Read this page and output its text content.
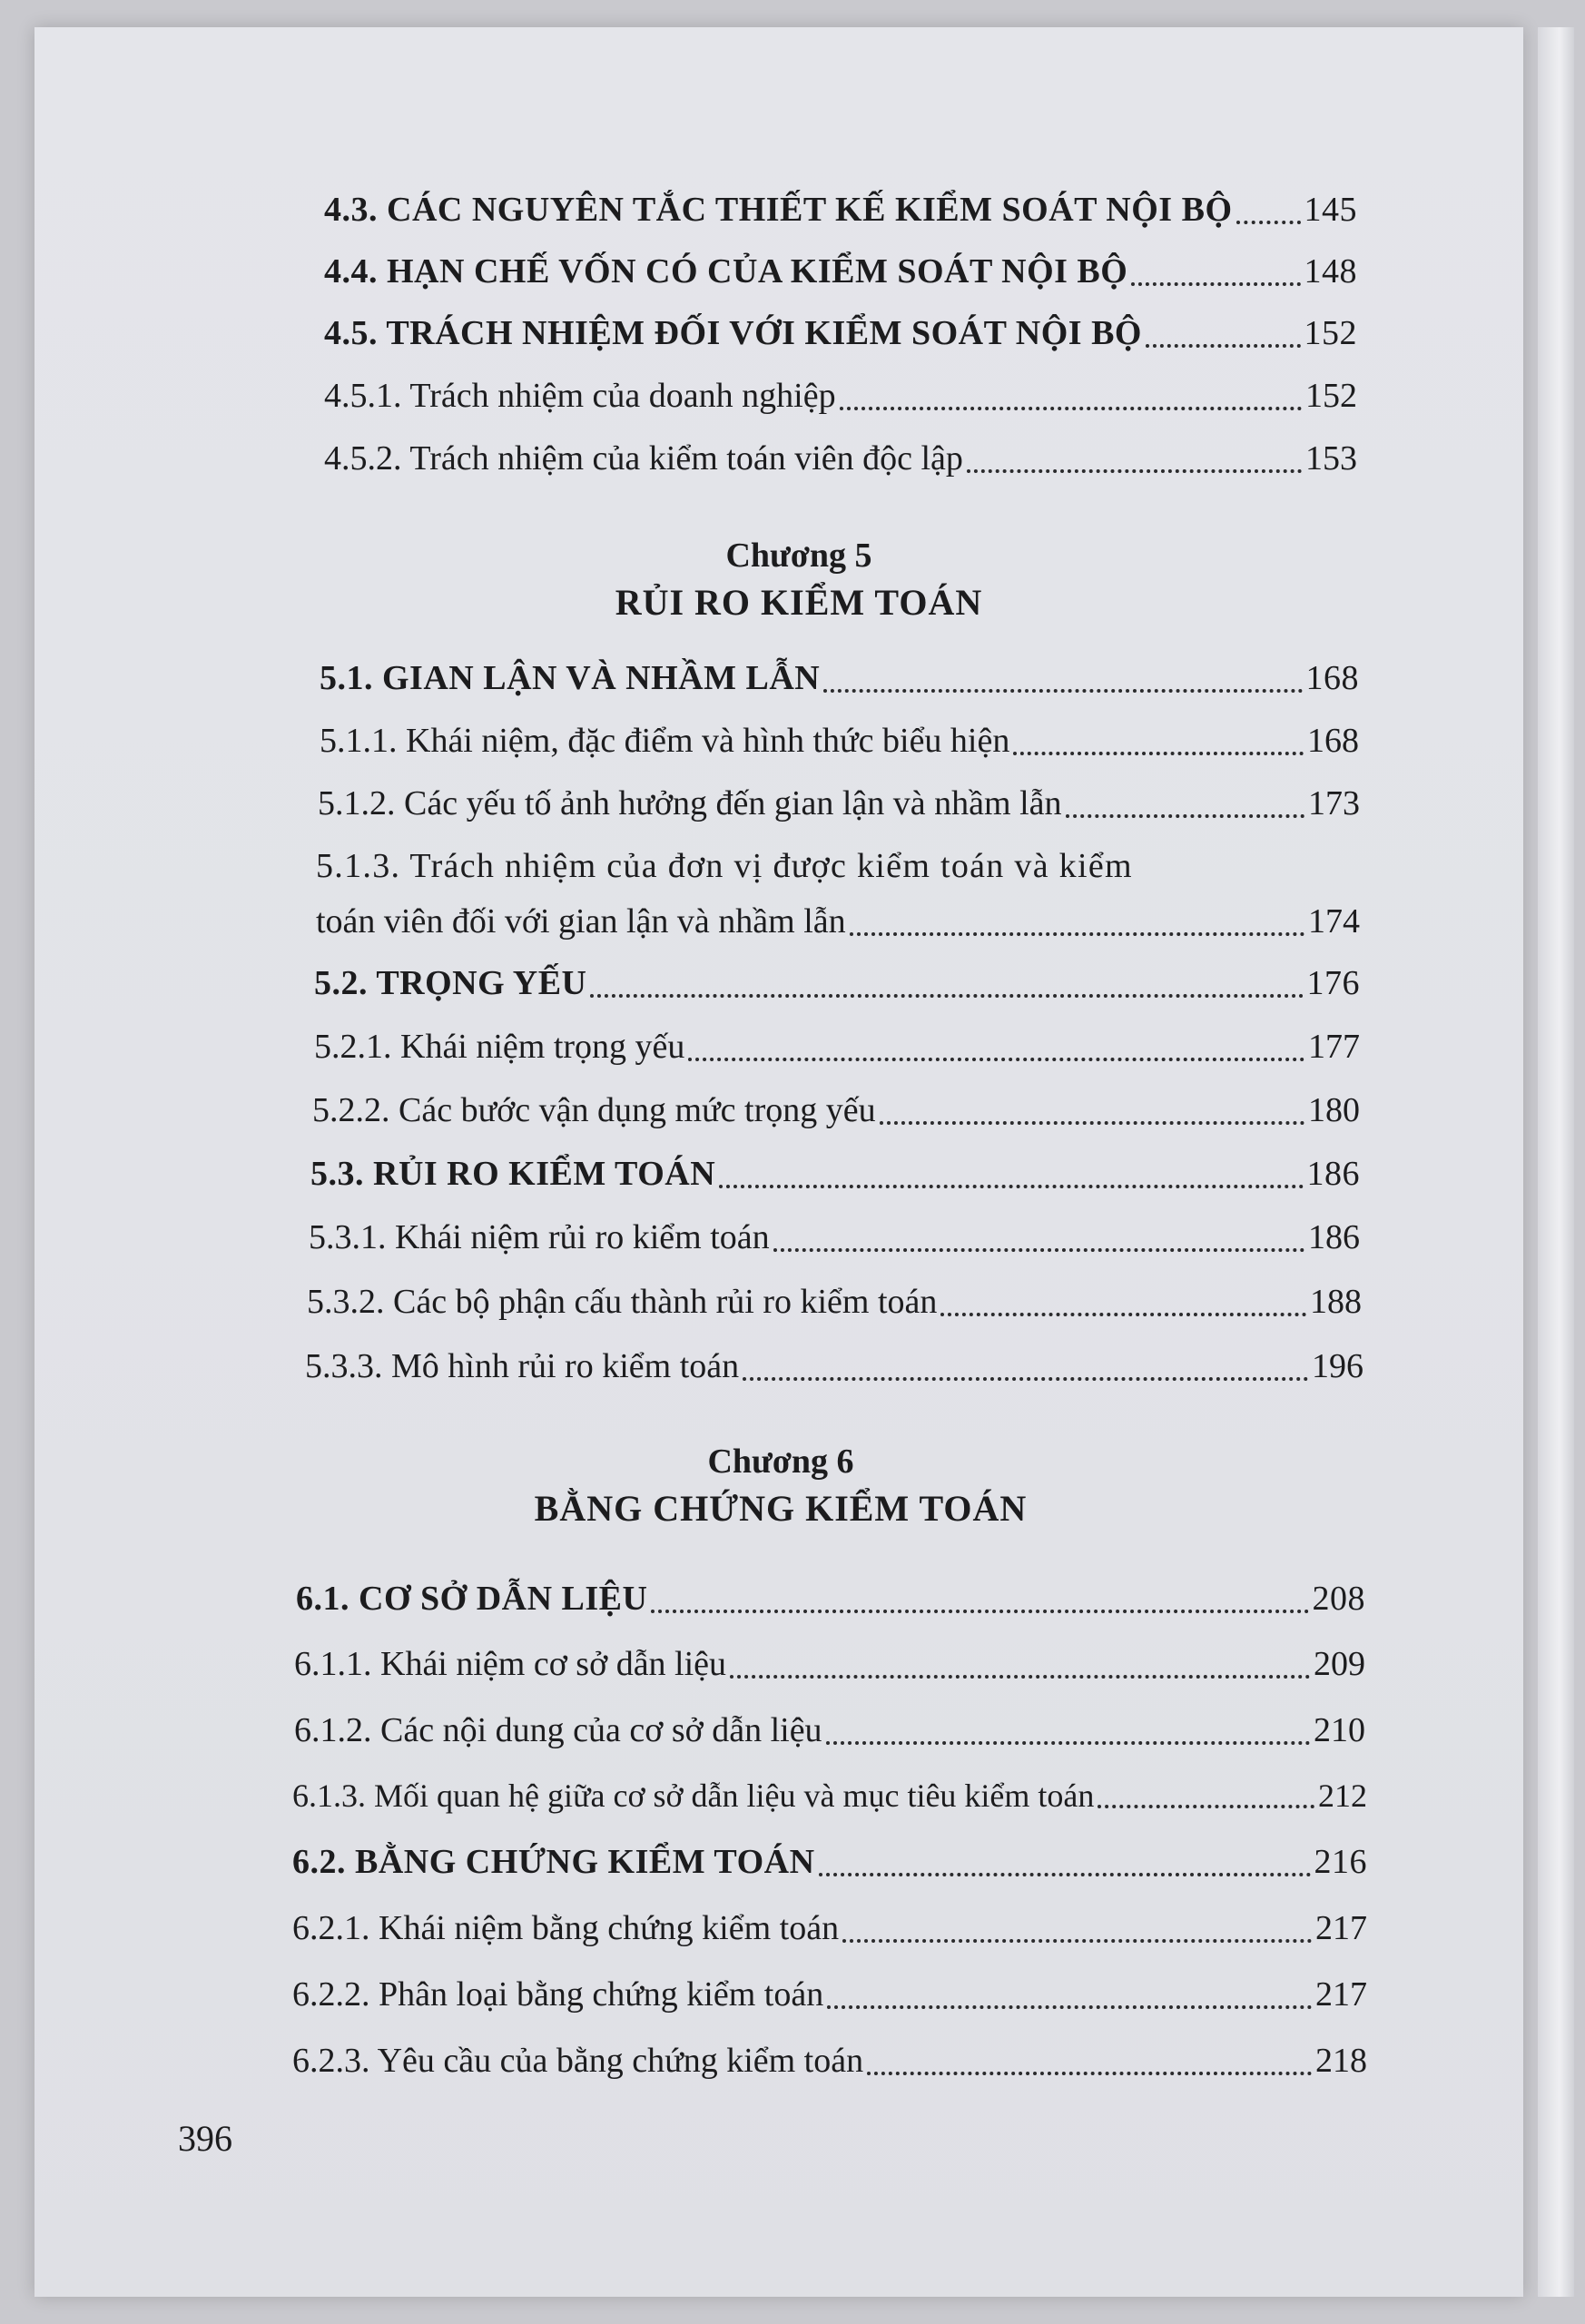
4.3. CÁC NGUYÊN TẮC THIẾT KẾ KIỂM SOÁT NỘI BỘ 145
4.4. HẠN CHẾ VỐN CÓ CỦA KIỂM SOÁT NỘI BỘ	148
4.5. TRÁCH NHIỆM ĐỐI VỚI KIỂM SOÁT NỘI BỘ	152
4.5.1. Trách nhiệm của doanh nghiệp	152
4.5.2. Trách nhiệm của kiểm toán viên độc lập	153
Chương 5
RỦI RO KIỂM TOÁN
5.1. GIAN LẬN VÀ NHẦM LẪN	168
5.1.1. Khái niệm, đặc điểm và hình thức biểu hiện	168
5.1.2. Các yếu tố ảnh hưởng đến gian lận và nhầm lẫn	173
5.1.3. Trách nhiệm của đơn vị được kiểm toán và kiểm
toán viên đối với gian lận và nhầm lẫn	174
5.2. TRỌNG YẾU	176
5.2.1. Khái niệm trọng yếu	177
5.2.2. Các bước vận dụng mức trọng yếu	180
5.3. RỦI RO KIỂM TOÁN	186
5.3.1. Khái niệm rủi ro kiểm toán	186
5.3.2. Các bộ phận cấu thành rủi ro kiểm toán	188
5.3.3. Mô hình rủi ro kiểm toán	196
Chương 6
BẰNG CHỨNG KIỂM TOÁN
6.1. CƠ SỞ DẪN LIỆU	208
6.1.1. Khái niệm cơ sở dẫn liệu	209
6.1.2. Các nội dung của cơ sở dẫn liệu	210
6.1.3. Mối quan hệ giữa cơ sở dẫn liệu và mục tiêu kiểm toán	212
6.2. BẰNG CHỨNG KIỂM TOÁN	216
6.2.1. Khái niệm bằng chứng kiểm toán	217
6.2.2. Phân loại bằng chứng kiểm toán	217
6.2.3. Yêu cầu của bằng chứng kiểm toán	218
396
